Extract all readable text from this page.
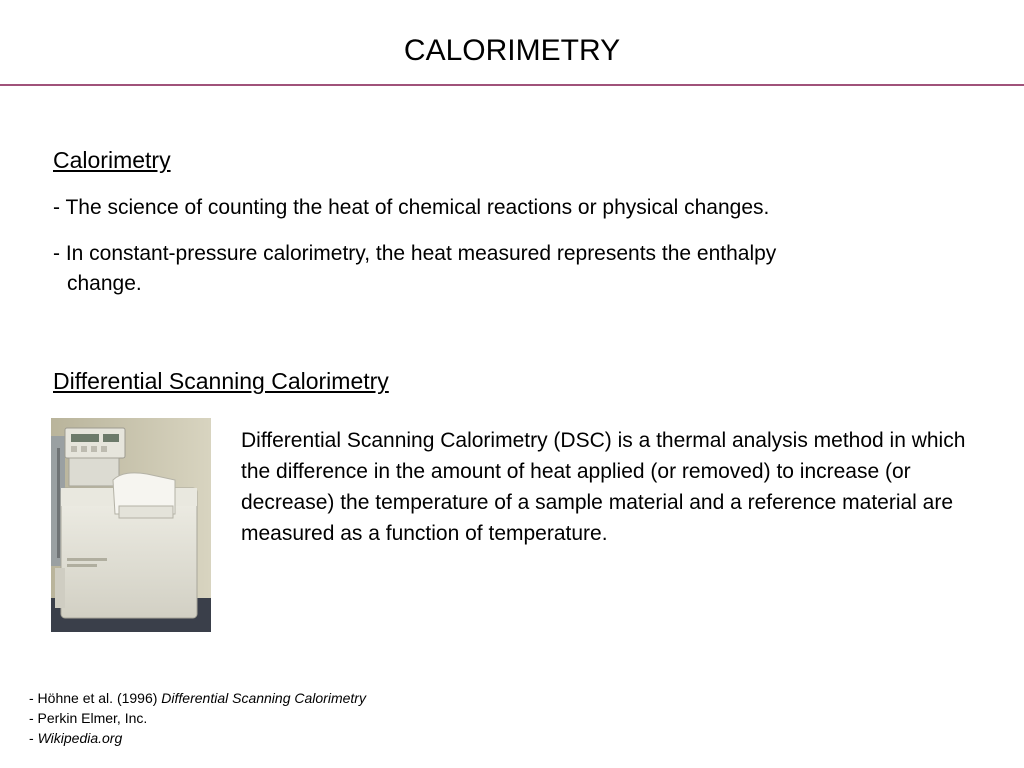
CALORIMETRY
Calorimetry
- The science of counting the heat of chemical reactions or physical changes.
- In constant-pressure calorimetry, the heat measured represents the enthalpy
change.
Differential Scanning Calorimetry
Differential Scanning Calorimetry (DSC) is a thermal analysis method in which the difference in the amount of heat applied (or removed) to increase (or decrease) the temperature of a sample material and a reference material are measured as a function of temperature.
- Höhne et al. (1996) Differential Scanning Calorimetry
- Perkin Elmer, Inc.
- Wikipedia.org
